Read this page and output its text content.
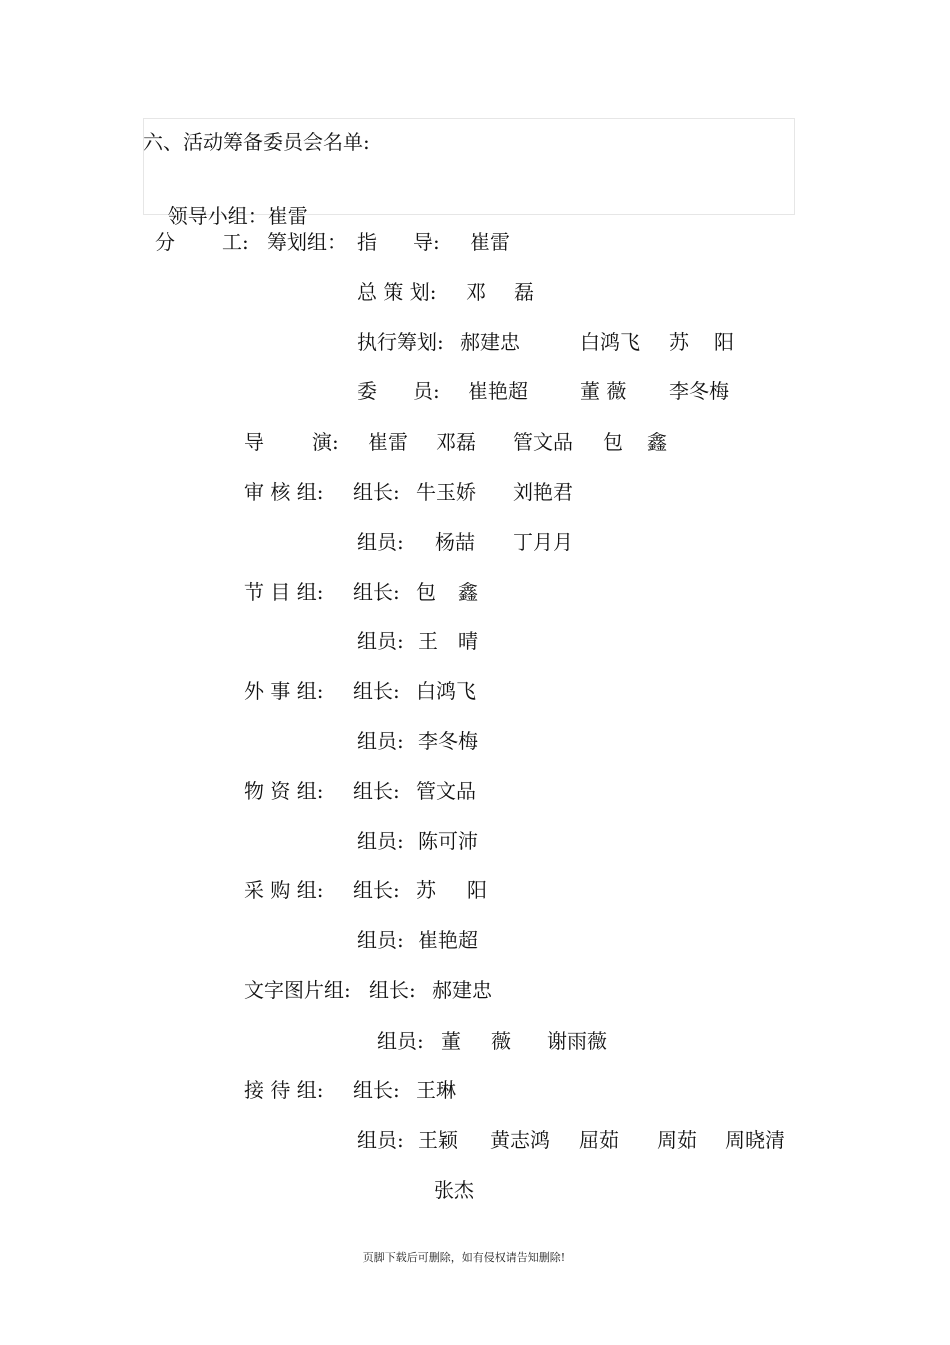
六、活动筹备委员会名单:

领导小组：崔雷

分 工: 筹划组： 指 导: 崔雷
总 策 划: 邓 磊
执行筹划: 郝建忠	白鸿飞 苏 阳
委 员: 崔艳超	董 薇 李冬梅
导 演: 崔雷 邓磊 管文品 包 鑫
审 核 组: 组长: 牛玉娇 刘艳君
组员: 杨喆 丁月月
节 目 组: 组长: 包 鑫
组员: 王 晴
外 事 组: 组长: 白鸿飞
组员: 李冬梅
物 资 组: 组长: 管文品
组员: 陈可沛
采 购 组: 组长: 苏 阳
组员: 崔艳超
文字图片组: 组长: 郝建忠
组员: 董 薇 谢雨薇
接 待 组: 组长: 王琳
组员: 王颖 黄志鸿 屈茹 周茹 周晓清
张杰
页脚下载后可删除，如有侵权请告知删除!
